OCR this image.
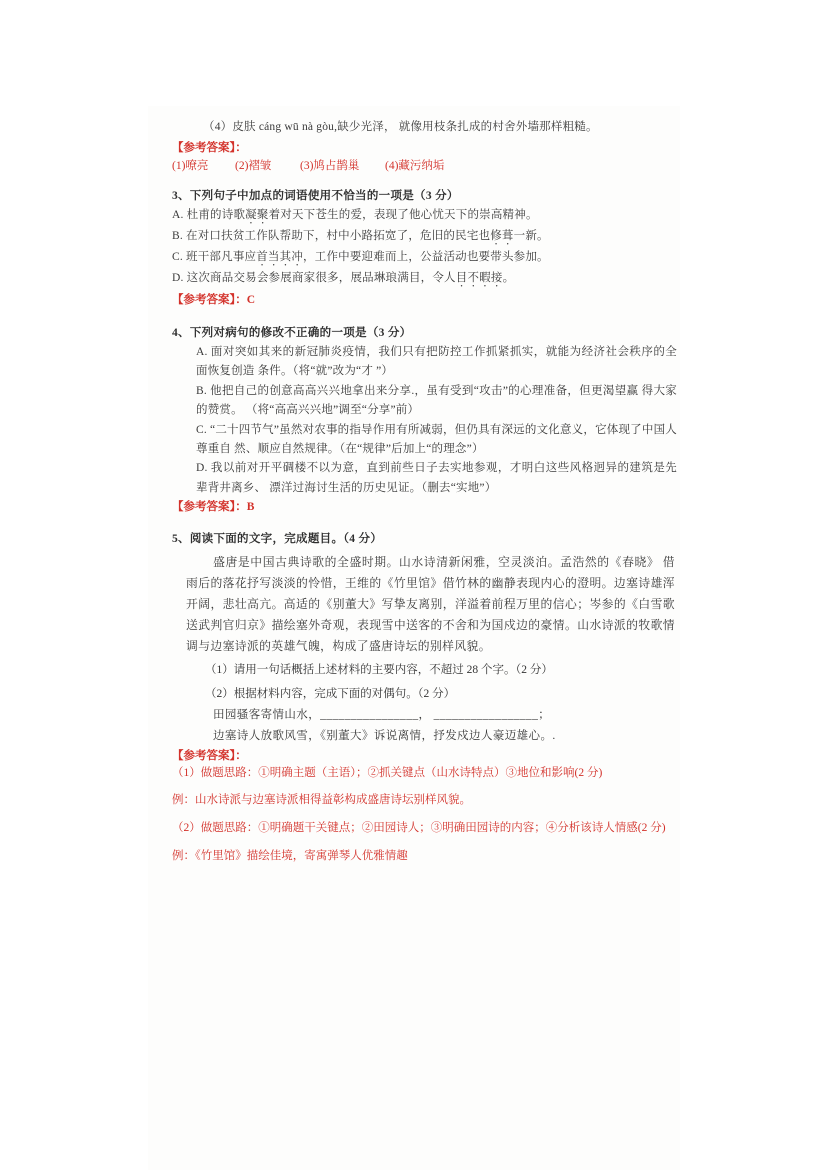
（4）皮肤 cáng wū nà gòu,缺少光泽， 就像用枝条扎成的村舍外墙那样粗糙。

【参考答案】：

(1)嘹亮 (2)褶皱 (3)鸠占鹊巢 (4)藏污纳垢

3、下列句子中加点的词语使用不恰当的一项是（3 分）

A. 杜甫的诗歌凝聚着对天下苍生的爱，表现了他心忧天下的崇高精神。

B. 在对口扶贫工作队帮助下，村中小路拓宽了，危旧的民宅也修葺一新。

C. 班干部凡事应首当其冲，工作中要迎难而上，公益活动也要带头参加。

D. 这次商品交易会参展商家很多，展品琳琅满目，令人目不暇接。

【参考答案】：C

4、下列对病句的修改不正确的一项是（3 分）

A. 面对突如其来的新冠肺炎疫情，我们只有把防控工作抓紧抓实，就能为经济社会秩序的全面恢复创造 条件。（将“就”改为“才 ”）

B. 他把自己的创意高高兴兴地拿出来分享.，虽有受到“攻击”的心理准备，但更渴望赢 得大家的赞赏。 （将“高高兴兴地”调至“分享”前）

C. “二十四节气”虽然对农事的指导作用有所减弱，但仍具有深远的文化意义，它体现了中国人尊重自 然、顺应自然规律。（在“规律”后加上“的理念”）

D. 我以前对开平碉楼不以为意，直到前些日子去实地参观，才明白这些风格迥异的建筑是先辈背井离乡、 漂洋过海讨生活的历史见证。（删去“实地”）

【参考答案】：B

5、阅读下面的文字，完成题目。（4 分）

盛唐是中国古典诗歌的全盛时期。山水诗清新闲雅，空灵淡泊。孟浩然的《春晓》 借雨后的落花抒写淡淡的怜惜，王维的《竹里馆》借竹林的幽静表现内心的澄明。边塞诗雄浑开阔，悲壮高亢。高适的《别董大》写挚友离别，洋溢着前程万里的信心；岑参的《白雪歌送武判官归京》描绘塞外奇观，表现雪中送客的不舍和为国戍边的豪情。山水诗派的牧歌情调与边塞诗派的英雄气魄，构成了盛唐诗坛的别样风貌。

（1）请用一句话概括上述材料的主要内容，不超过 28 个字。（2 分）

（2）根据材料内容，完成下面的对偶句。（2 分）

田园骚客寄情山水，________________， _________________；

边塞诗人放歌风雪，《别董大》诉说离情，抒发戍边人豪迈雄心。.

【参考答案】：

（1）做题思路：①明确主题（主语）；②抓关键点（山水诗特点）③地位和影响(2 分)

例：山水诗派与边塞诗派相得益彰构成盛唐诗坛别样风貌。

（2）做题思路：①明确题干关键点；②田园诗人；③明确田园诗的内容；④分析该诗人情感(2 分)

例：《竹里馆》描绘佳境，寄寓弹琴人优雅情趣
